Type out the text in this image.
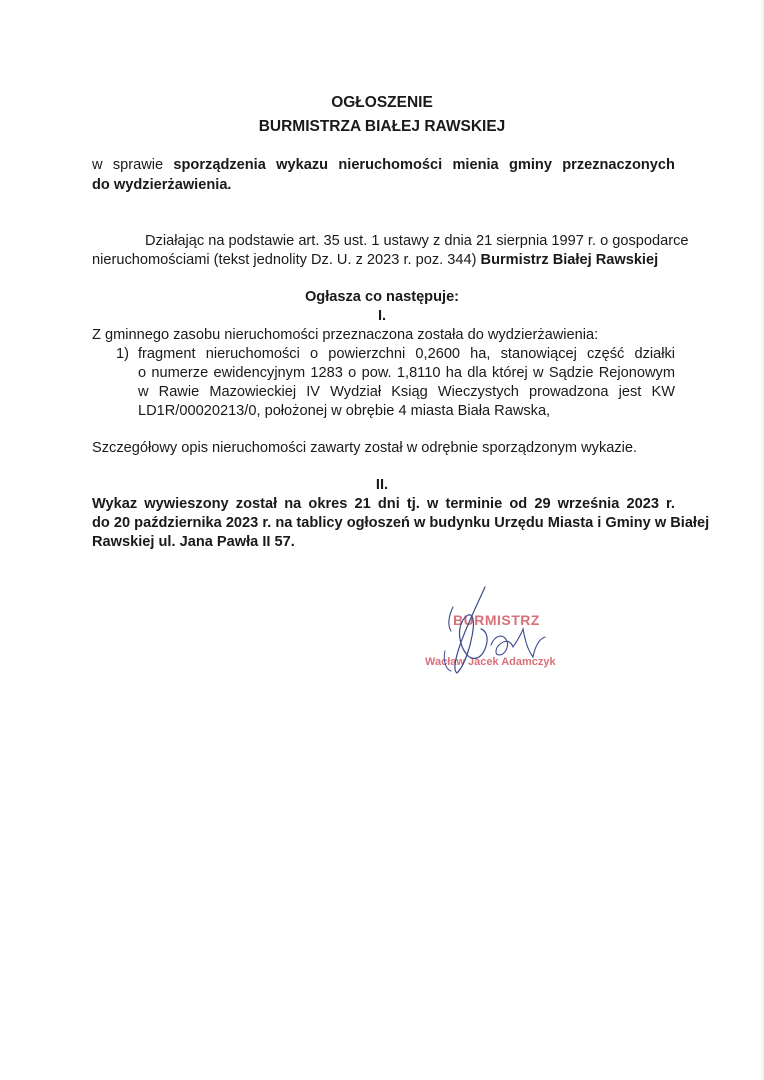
OGŁOSZENIE
BURMISTRZA BIAŁEJ RAWSKIEJ
w sprawie sporządzenia wykazu nieruchomości mienia gminy przeznaczonych
do wydzierżawienia.
Działając na podstawie art. 35 ust. 1 ustawy z dnia 21 sierpnia 1997 r. o gospodarce
nieruchomościami (tekst jednolity Dz. U. z 2023 r. poz. 344) Burmistrz Białej Rawskiej
Ogłasza co następuje:
I.
Z gminnego zasobu nieruchomości przeznaczona została do wydzierżawienia:
1) fragment nieruchomości o powierzchni 0,2600 ha, stanowiącej część działki
o numerze ewidencyjnym 1283 o pow. 1,8110 ha dla której w Sądzie Rejonowym
w Rawie Mazowieckiej IV Wydział Ksiąg Wieczystych prowadzona jest KW
LD1R/00020213/0, położonej w obrębie 4 miasta Biała Rawska,
Szczegółowy opis nieruchomości zawarty został w odrębnie sporządzonym wykazie.
II.
Wykaz wywieszony został na okres 21 dni tj. w terminie od 29 września 2023 r.
do 20 października 2023 r. na tablicy ogłoszeń w budynku Urzędu Miasta i Gminy w Białej
Rawskiej ul. Jana Pawła II 57.
BURMISTRZ
Wacław Jacek Adamczyk
